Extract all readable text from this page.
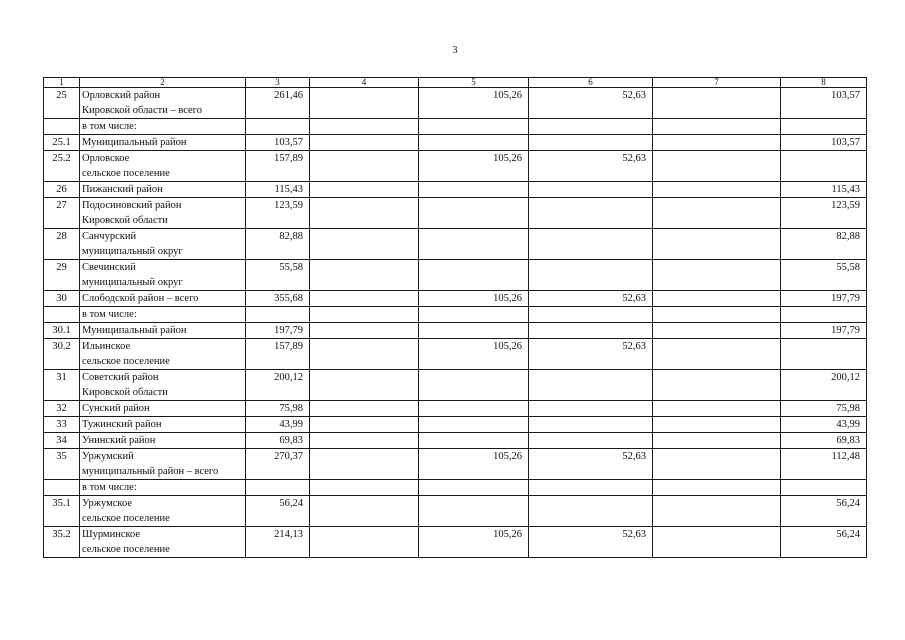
3
1	2	3	4	5	6	7	8
25	Орловский район
Кировской области – всего	261,46		105,26	52,63		103,57

	в том числе:						

25.1	Муниципальный район	103,57					103,57
25.2	Орловское
сельское поселение	157,89		105,26	52,63		
26	Пижанский район	115,43					115,43
27	Подосиновский район
Кировской области	123,59					123,59
28	Санчурский
муниципальный округ	82,88					82,88
29	Свечинский
муниципальный округ	55,58					55,58
30	Слободской район – всего	355,68		105,26	52,63		197,79

	в том числе:						

30.1	Муниципальный район	197,79					197,79
30.2	Ильинское
сельское поселение	157,89		105,26	52,63		
31	Советский район
Кировской области	200,12					200,12
32	Сунский район	75,98					75,98
33	Тужинский район	43,99					43,99
34	Унинский район	69,83					69,83
35	Уржумский
муниципальный район – всего	270,37		105,26	52,63		112,48

	в том числе:						

35.1	Уржумское
сельское поселение	56,24					56,24
35.2	Шурминское
сельское поселение	214,13		105,26	52,63		56,24
